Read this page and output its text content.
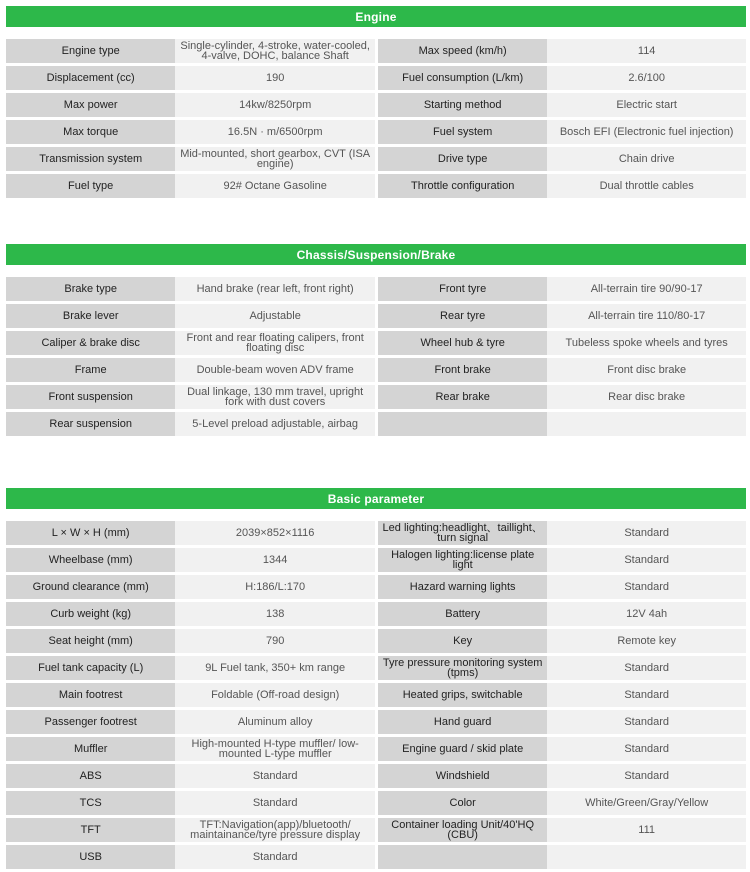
Engine
Engine type	Single-cylinder, 4-stroke, water-cooled, 4-valve, DOHC, balance Shaft		Max speed (km/h)	114
Displacement (cc)	190		Fuel consumption (L/km)	2.6/100
Max power	14kw/8250rpm		Starting method	Electric start
Max torque	16.5N · m/6500rpm		Fuel system	Bosch EFI (Electronic fuel injection)
Transmission system	Mid-mounted, short gearbox, CVT (ISA engine)		Drive type	Chain drive
Fuel type	92# Octane Gasoline		Throttle configuration	Dual throttle cables
Chassis/Suspension/Brake
Brake type	Hand brake (rear left, front right)		Front tyre	All-terrain tire 90/90-17
Brake lever	Adjustable		Rear tyre	All-terrain tire 110/80-17
Caliper & brake disc	Front and rear floating calipers, front floating disc		Wheel hub & tyre	Tubeless spoke wheels and tyres
Frame	Double-beam woven ADV frame		Front brake	Front disc brake
Front suspension	Dual linkage, 130 mm travel, upright fork with dust covers		Rear brake	Rear disc brake
Rear suspension	5-Level preload adjustable, airbag			
Basic parameter
L × W × H (mm)	2039×852×1116		Led lighting:headlight、taillight、turn signal	Standard
Wheelbase (mm)	1344		Halogen lighting:license plate light	Standard
Ground clearance (mm)	H:186/L:170		Hazard warning lights	Standard
Curb weight (kg)	138		Battery	12V 4ah
Seat height (mm)	790		Key	Remote key
Fuel tank capacity (L)	9L Fuel tank, 350+ km range		Tyre pressure monitoring system (tpms)	Standard
Main footrest	Foldable (Off-road design)		Heated grips, switchable	Standard
Passenger footrest	Aluminum alloy		Hand guard	Standard
Muffler	High-mounted H-type muffler/ low-mounted L-type muffler		Engine guard / skid plate	Standard
ABS	Standard		Windshield	Standard
TCS	Standard		Color	White/Green/Gray/Yellow
TFT	TFT:Navigation(app)/bluetooth/ maintainance/tyre pressure display		Container loading Unit/40'HQ (CBU)	111
USB	Standard			
